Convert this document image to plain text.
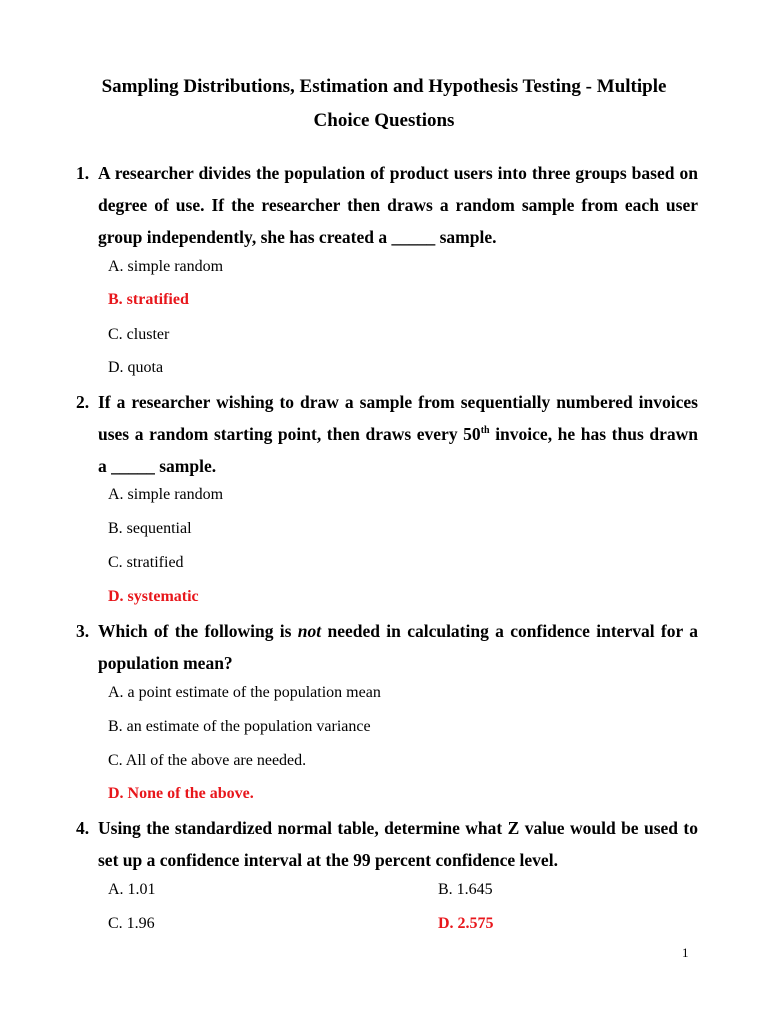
Sampling Distributions, Estimation and Hypothesis Testing - Multiple
Choice Questions
1. A researcher divides the population of product users into three groups based on
degree of use. If the researcher then draws a random sample from each user
group independently, she has created a _____ sample.
A. simple random
B. stratified
C. cluster
D. quota
2. If a researcher wishing to draw a sample from sequentially numbered invoices
uses a random starting point, then draws every 50th invoice, he has thus drawn
a _____ sample.
A. simple random
B. sequential
C. stratified
D. systematic
3. Which of the following is not needed in calculating a confidence interval for a
population mean?
A. a point estimate of the population mean
B. an estimate of the population variance
C. All of the above are needed.
D. None of the above.
4. Using the standardized normal table, determine what Z value would be used to
set up a confidence interval at the 99 percent confidence level.
A. 1.01	B. 1.645
C. 1.96	D. 2.575
1
